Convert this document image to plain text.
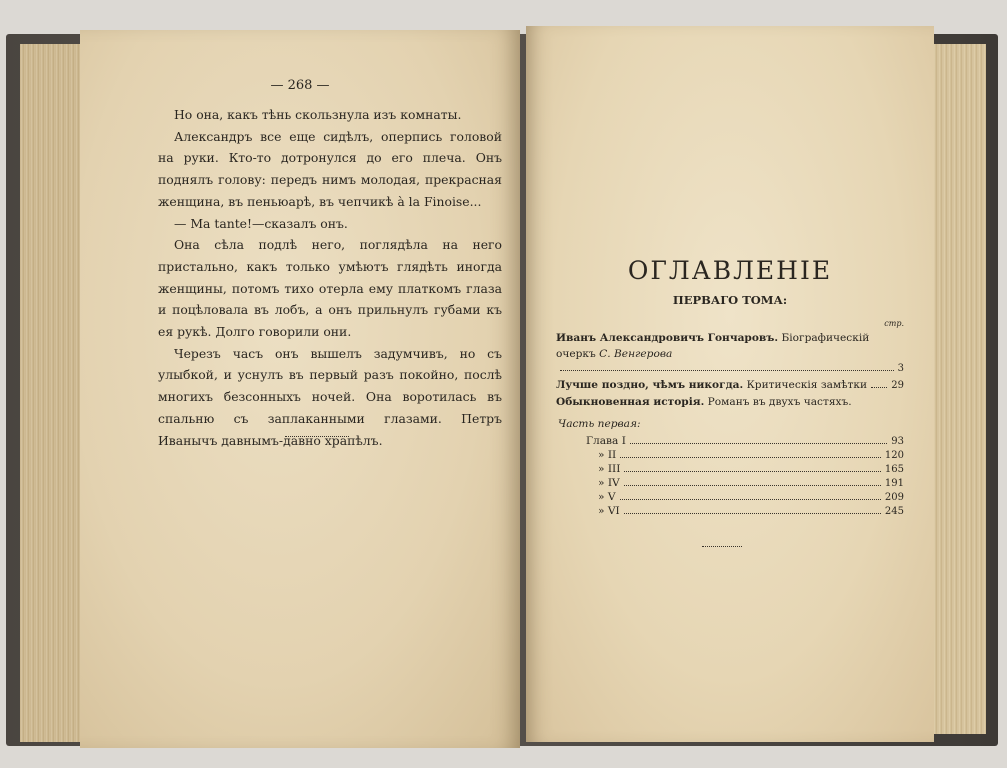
— 268 —

Но она, какъ тѣнь скользнула изъ комнаты.

Александръ все еще сидѣлъ, оперпись головой на руки. Кто-то дотронулся до его плеча. Онъ поднялъ голову: передъ нимъ молодая, прекрасная женщина, въ пеньюарѣ, въ чепчикѣ à la Finoise...

— Ma tante!—сказалъ онъ.

Она сѣла подлѣ него, поглядѣла на него пристально, какъ только умѣютъ глядѣть иногда женщины, потомъ тихо отерла ему платкомъ глаза и поцѣловала въ лобъ, а онъ прильнулъ губами къ ея рукѣ. Долго говорили они.

Черезъ часъ онъ вышелъ задумчивъ, но съ улыбкой, и уснулъ въ первый разъ покойно, послѣ многихъ безсонныхъ ночей. Она воротилась въ спальню съ заплаканными глазами. Петръ Иванычъ давнымъ-давно храпѣлъ.

ОГЛАВЛЕНIЕ
ПЕРВАГО ТОМА:
стр.
Иванъ Александровичъ Гончаровъ. Бiографическiй очеркъ С. Венгерова
3
Лучше поздно, чѣмъ никогда. Критическiя замѣтки 29
Обыкновенная исторiя. Романъ въ двухъ частяхъ.
Часть первая:
Глава I	93
» II	120
» III	165
» IV	191
» V	209
» VI	245
